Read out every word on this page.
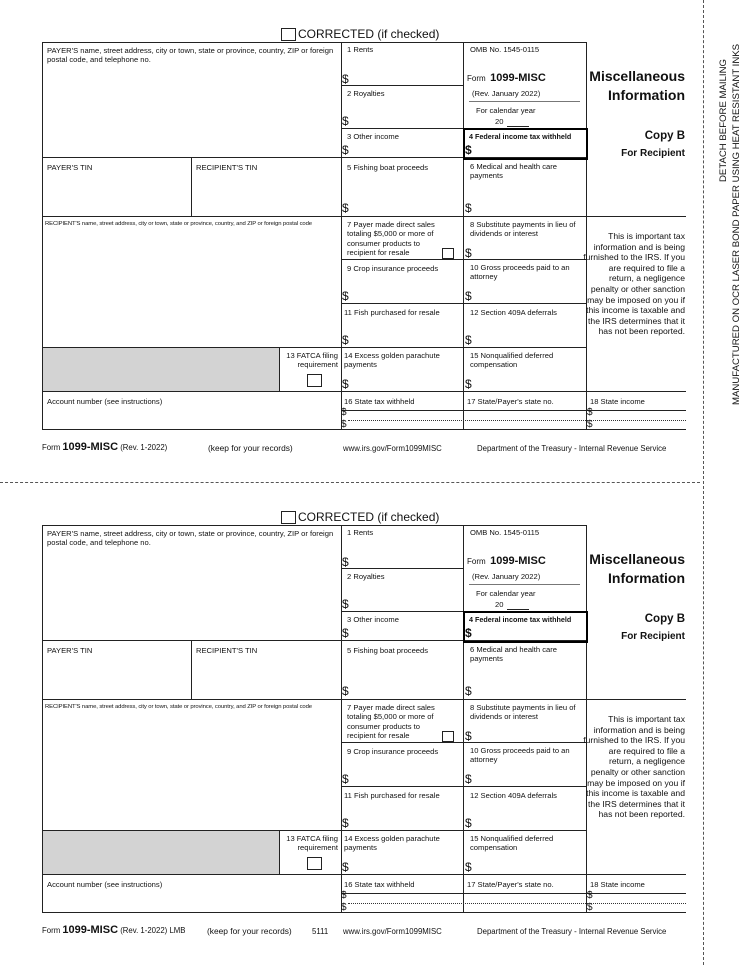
CORRECTED (if checked)
PAYER'S name, street address, city or town, state or province, country, ZIP or foreign postal code, and telephone no.
1 Rents
$
2 Royalties
$
3 Other income
$
OMB No. 1545-0115
Form 1099-MISC
(Rev. January 2022)
For calendar year
20
Miscellaneous
Information
4 Federal income tax withheld
$
Copy B
For Recipient
PAYER'S TIN	RECIPIENT'S TIN	5 Fishing boat proceeds
$
6 Medical and health care payments
$
RECIPIENT'S name, street address, city or town, state or province, country, and ZIP or foreign postal code	7 Payer made direct sales totaling $5,000 or more of consumer products to recipient for resale
8 Substitute payments in lieu of dividends or interest
$
This is important tax information and is being furnished to the IRS. If you are required to file a return, a negligence penalty or other sanction may be imposed on you if this income is taxable and the IRS determines that it has not been reported.
9 Crop insurance proceeds
$
10 Gross proceeds paid to an attorney
$
11 Fish purchased for resale
$
12 Section 409A deferrals
$
13 FATCA filing requirement
14 Excess golden parachute payments
$
15 Nonqualified deferred compensation
$
Account number (see instructions)	16 State tax withheld
$
$
17 State/Payer's state no.	18 State income
$
$
Form 1099-MISC (Rev. 1-2022)	(keep for your records)	www.irs.gov/Form1099MISC	Department of the Treasury - Internal Revenue Service
DETACH BEFORE MAILING MANUFACTURED ON OCR LASER BOND PAPER USING HEAT RESISTANT INKS
CORRECTED (if checked)
PAYER'S name, street address, city or town, state or province, country, ZIP or foreign postal code, and telephone no.
1 Rents
$
2 Royalties
$
3 Other income
$
OMB No. 1545-0115
Form 1099-MISC
(Rev. January 2022)
For calendar year
20
Miscellaneous
Information
4 Federal income tax withheld
$
Copy B
For Recipient
PAYER'S TIN	RECIPIENT'S TIN	5 Fishing boat proceeds
$
6 Medical and health care payments
$
RECIPIENT'S name, street address, city or town, state or province, country, and ZIP or foreign postal code	7 Payer made direct sales totaling $5,000 or more of consumer products to recipient for resale
8 Substitute payments in lieu of dividends or interest
$
This is important tax information and is being furnished to the IRS. If you are required to file a return, a negligence penalty or other sanction may be imposed on you if this income is taxable and the IRS determines that it has not been reported.
9 Crop insurance proceeds
$
10 Gross proceeds paid to an attorney
$
11 Fish purchased for resale
$
12 Section 409A deferrals
$
13 FATCA filing requirement
14 Excess golden parachute payments
$
15 Nonqualified deferred compensation
$
Account number (see instructions)	16 State tax withheld
$
$
17 State/Payer's state no.	18 State income
$
$
Form 1099-MISC (Rev. 1-2022) LMB	(keep for your records)	5111 www.irs.gov/Form1099MISC	Department of the Treasury - Internal Revenue Service
